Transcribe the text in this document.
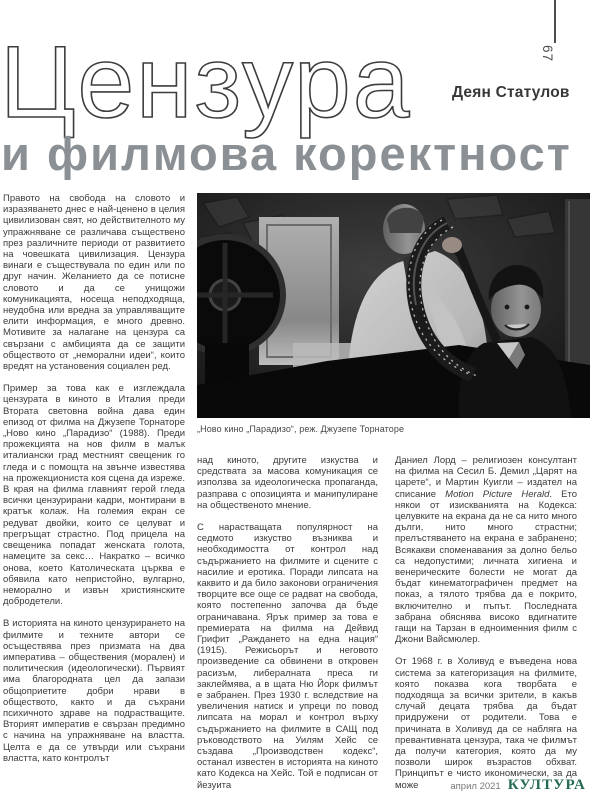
67
Цензура	Деян Статулов
и филмова коректност

Правото на свобода на словото и изразяването днес е най-ценено в целия цивилизован свят, но действителното му упражняване се различава съществено през различните периоди от развитието на човешката цивилизация. Цензура винаги е съществувала по един или по друг начин. Желанието да се потисне словото и да се унищожи комуникацията, носеща неподходяща, неудобна или вредна за управляващите елити информация, е много древно. Мотивите за налагане на цензура са свързани с амбицията да се защити обществото от „неморални идеи“, които вредят на установения социален ред.

Пример за това как е изглеждала цензурата в киното в Италия преди Втората световна война дава един епизод от филма на Джузепе Торнаторе „Ново кино „Парадизо“ (1988). Преди прожекцията на нов филм в малък италиански град местният свещеник го гледа и с помощта на звънче известява на прожекциониста коя сцена да изреже. В края на филма главният герой гледа всички цензурирани кадри, монтирани в кратък колаж. На големия екран се редуват двойки, които се целуват и прегръщат страстно. Под прицела на свещеника попадат женската голота, намеците за секс… Накратко – всичко онова, което Католическата църква е обявила като непристойно, вулгарно, неморално и извън християнските добродетели.

В историята на киното цензурирането на филмите и техните автори се осъществява през призмата на два императива – обществения (морален) и политическия (идеологически). Първият има благородната цел да запази общоприетите добри нрави в обществото, както и да съхрани психичното здраве на подрастващите. Вторият императив е свързан предимно с начина на упражняване на властта. Целта е да се утвърди или съхрани властта, като контролът

„Ново кино „Парадизо“, реж. Джузепе Торнаторе

над киното, другите изкуства и средствата за масова комуникация се използва за идеологическа пропаганда, разправа с опозицията и манипулиране на общественото мнение.

С нарастващата популярност на седмото изкуство възниква и необходимостта от контрол над съдържанието на филмите и сцените с насилие и еротика. Поради липсата на каквито и да било законови ограничения творците все още се радват на свобода, която постепенно започва да бъде ограничавана. Ярък пример за това е премиерата на филма на Дейвид Грифит „Раждането на една нация“ (1915). Режисьорът и неговото произведение са обвинени в откровен расизъм, либералната преса ги заклеймява, а в щата Ню Йорк филмът е забранен. През 1930 г. вследствие на увеличения натиск и упреци по повод липсата на морал и контрол върху съдържанието на филмите в САЩ под ръководството на Уилям Хейс се създава „Производствен кодекс“, останал известен в историята на киното като Кодекса на Хейс. Той е подписан от йезуита

Даниел Лорд – религиозен консултант на филма на Сесил Б. Демил „Царят на царете“, и Мартин Куигли – издател на списание Motion Picture Herald. Ето някои от изискванията на Кодекса: целувките на екрана да не са нито много дълги, нито много страстни; прелъстяването на екрана е забранено; Всякакви споменавания за долно бельо са недопустими; личната хигиена и венерическите болести не могат да бъдат кинематографичен предмет на показ, а тялото трябва да е покрито, включително и пъпът. Последната забрана обяснява високо вдигнатите гащи на Тарзан в едноименния филм с Джони Вайсмюлер.

От 1968 г. в Холивуд е въведена нова система за категоризация на филмите, която показва кога творбата е подходяща за всички зрители, в какъв случай децата трябва да бъдат придружени от родители. Това е причината в Холивуд да се набляга на превантивната цензура, така че филмът да получи категория, която да му позволи широк възрастов обхват. Принципът е чисто икономически, за да може	април 2021 КУЛТУРА
